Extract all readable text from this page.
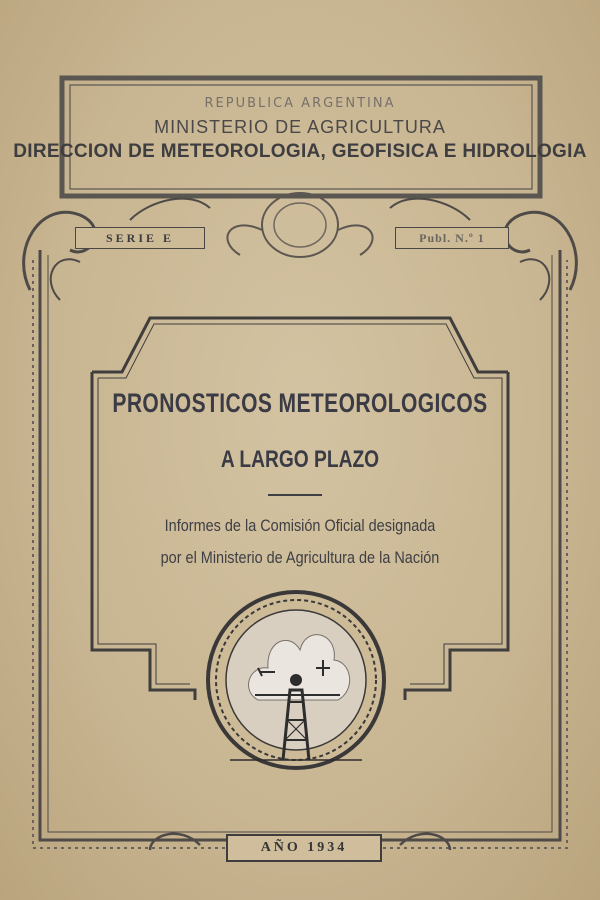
REPUBLICA ARGENTINA
MINISTERIO DE AGRICULTURA
DIRECCION DE METEOROLOGIA, GEOFISICA E HIDROLOGIA
SERIE E	Publ. N.º 1
PRONOSTICOS METEOROLOGICOS
A LARGO PLAZO
Informes de la Comisión Oficial designada
por el Ministerio de Agricultura de la Nación
AÑO 1934
